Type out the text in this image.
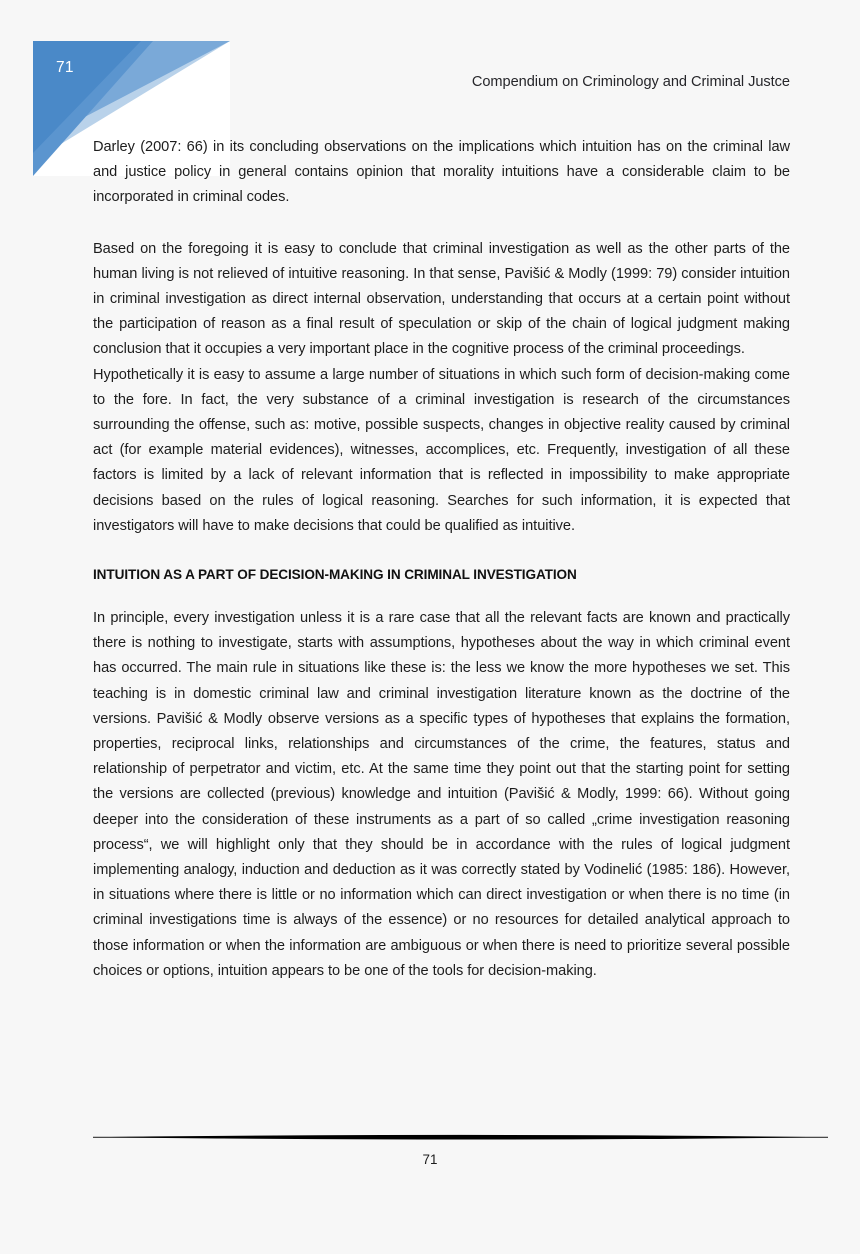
71
Compendium on Criminology and Criminal Justce

Darley (2007: 66) in its concluding observations on the implications which intuition has on the criminal law and justice policy in general contains opinion that morality intuitions have a considerable claim to be incorporated in criminal codes.

Based on the foregoing it is easy to conclude that criminal investigation as well as the other parts of the human living is not relieved of intuitive reasoning. In that sense, Pavišić & Modly (1999: 79) consider intuition in criminal investigation as direct internal observation, understanding that occurs at a certain point without the participation of reason as a final result of speculation or skip of the chain of logical judgment making conclusion that it occupies a very important place in the cognitive process of the criminal proceedings.

Hypothetically it is easy to assume a large number of situations in which such form of decision-making come to the fore. In fact, the very substance of a criminal investigation is research of the circumstances surrounding the offense, such as: motive, possible suspects, changes in objective reality caused by criminal act (for example material evidences), witnesses, accomplices, etc. Frequently, investigation of all these factors is limited by a lack of relevant information that is reflected in impossibility to make appropriate decisions based on the rules of logical reasoning. Searches for such information, it is expected that investigators will have to make decisions that could be qualified as intuitive.

INTUITION AS A PART OF DECISION-MAKING IN CRIMINAL INVESTIGATION

In principle, every investigation unless it is a rare case that all the relevant facts are known and practically there is nothing to investigate, starts with assumptions, hypotheses about the way in which criminal event has occurred. The main rule in situations like these is: the less we know the more hypotheses we set. This teaching is in domestic criminal law and criminal investigation literature known as the doctrine of the versions. Pavišić & Modly observe versions as a specific types of hypotheses that explains the formation, properties, reciprocal links, relationships and circumstances of the crime, the features, status and relationship of perpetrator and victim, etc. At the same time they point out that the starting point for setting the versions are collected (previous) knowledge and intuition (Pavišić & Modly, 1999: 66). Without going deeper into the consideration of these instruments as a part of so called „crime investigation reasoning process“, we will highlight only that they should be in accordance with the rules of logical judgment implementing analogy, induction and deduction as it was correctly stated by Vodinelić (1985: 186). However, in situations where there is little or no information which can direct investigation or when there is no time (in criminal investigations time is always of the essence) or no resources for detailed analytical approach to those information or when the information are ambiguous or when there is need to prioritize several possible choices or options, intuition appears to be one of the tools for decision-making.

71
